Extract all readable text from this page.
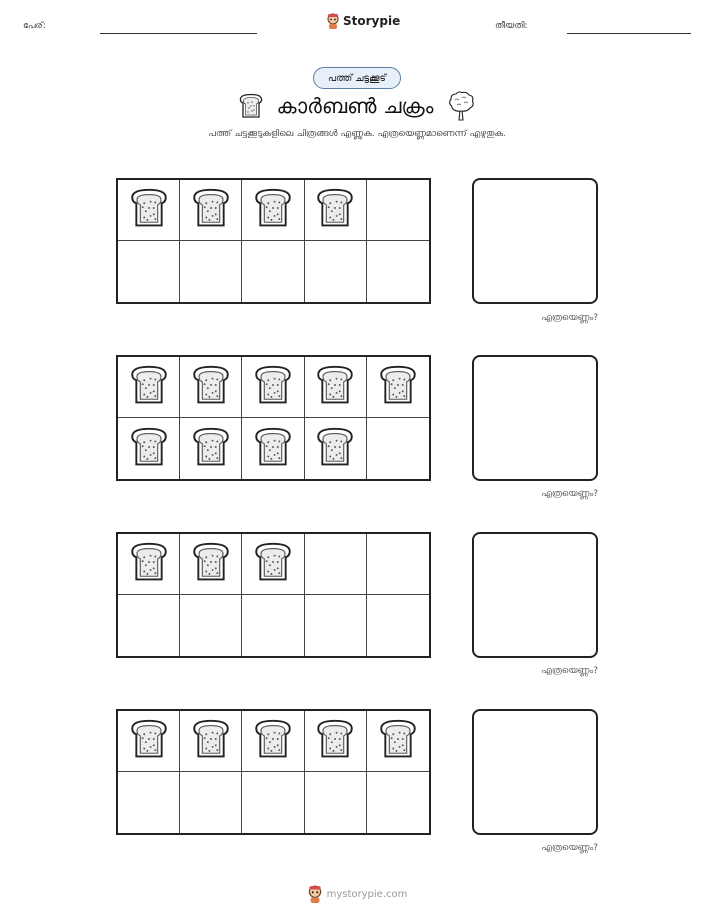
പേര്:	Storypie	തീയതി:
പത്ത് ചട്ടക്കൂട്
കാർബൺ ചക്രം
പത്ത് ചട്ടക്കൂടുകളിലെ ചിത്രങ്ങൾ എണ്ണുക. എത്രയെണ്ണമാണെന്ന് എഴുതുക.
എത്രയെണ്ണം?
എത്രയെണ്ണം?
എത്രയെണ്ണം?
എത്രയെണ്ണം?
mystorypie.com
